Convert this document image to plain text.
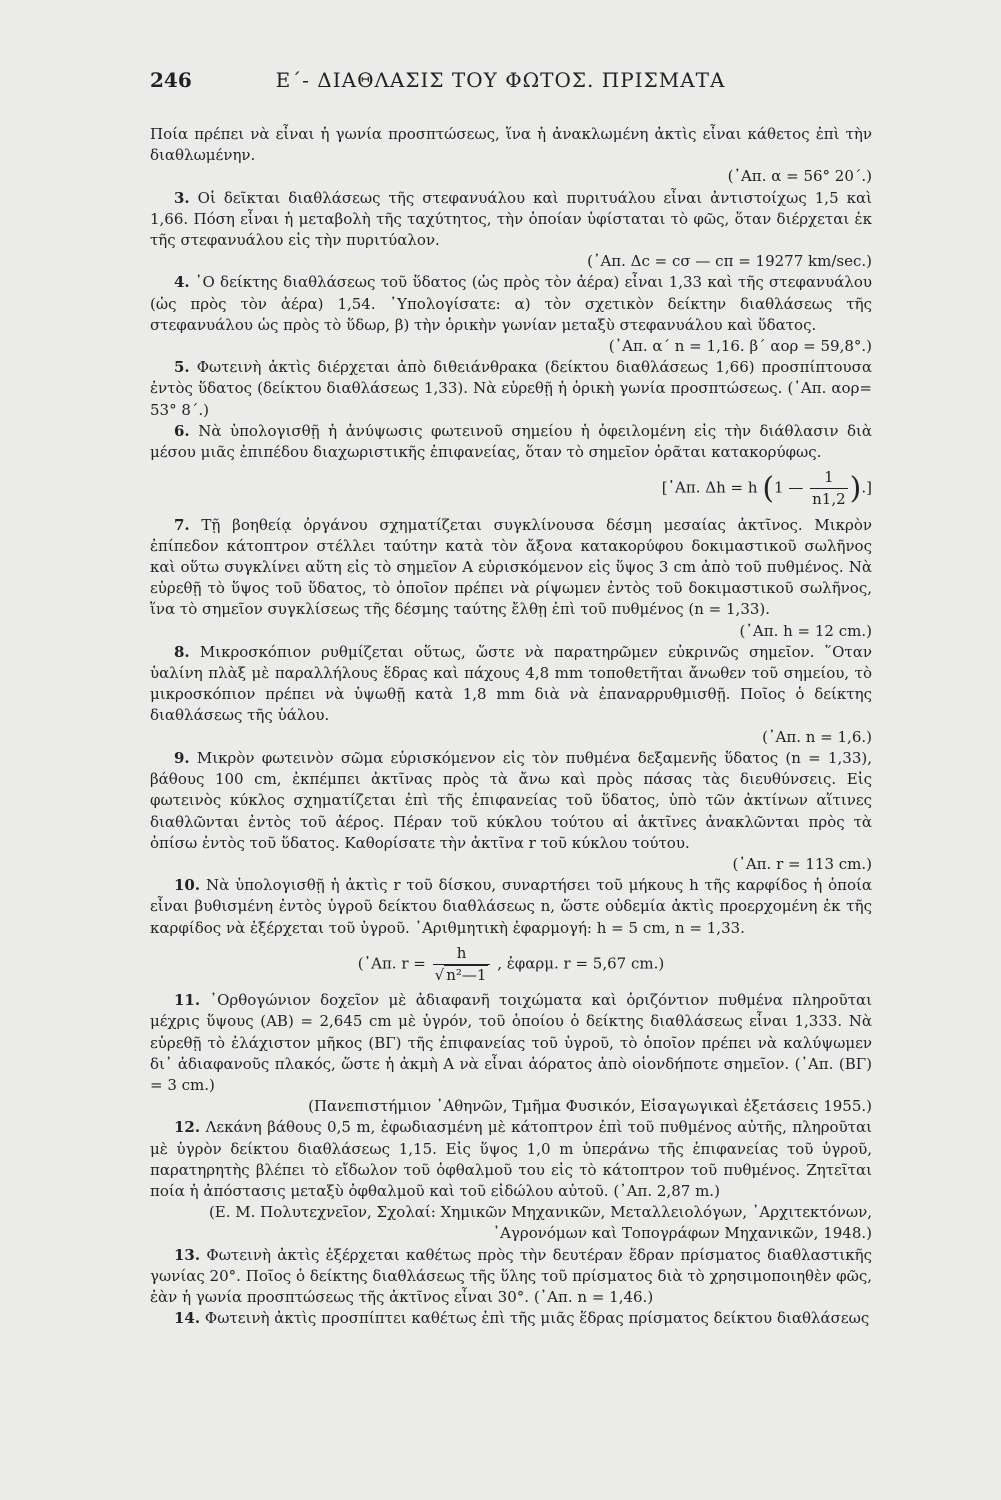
246	Ε΄- ΔΙΑΘΛΑΣΙΣ ΤΟΥ ΦΩΤΟΣ. ΠΡΙΣΜΑΤΑ

Ποία πρέπει νὰ εἶναι ἡ γωνία προσπτώσεως, ἵνα ἡ ἀνακλωμένη ἀκτὶς εἶναι κάθετος ἐπὶ τὴν διαθλωμένην.

(᾿Απ. α = 56° 20΄.)

3. Οἱ δεῖκται διαθλάσεως τῆς στεφανυάλου καὶ πυριτυάλου εἶναι ἀντιστοίχως 1,5 καὶ 1,66. Πόση εἶναι ἡ μεταβολὴ τῆς ταχύτητος, τὴν ὁποίαν ὑφίσταται τὸ φῶς, ὅταν διέρχεται ἐκ τῆς στεφανυάλου εἰς τὴν πυριτύαλον.

(᾿Απ. Δc = cσ — cπ = 19277 km/sec.)

4. ῾Ο δείκτης διαθλάσεως τοῦ ὕδατος (ὡς πρὸς τὸν ἀέρα) εἶναι 1,33 καὶ τῆς στεφανυάλου (ὡς πρὸς τὸν ἀέρα) 1,54. ῾Υπολογίσατε: α) τὸν σχετικὸν δείκτην διαθλάσεως τῆς στεφανυάλου ὡς πρὸς τὸ ὕδωρ, β) τὴν ὁρικὴν γωνίαν μεταξὺ στεφανυάλου καὶ ὕδατος.

(᾿Απ. α΄ n = 1,16. β΄ αορ = 59,8°.)

5. Φωτεινὴ ἀκτὶς διέρχεται ἀπὸ διθειάνθρακα (δείκτου διαθλάσεως 1,66) προσπίπτουσα ἐντὸς ὕδατος (δείκτου διαθλάσεως 1,33). Νὰ εὑρεθῇ ἡ ὁρικὴ γωνία προσπτώσεως. (᾿Απ. αορ= 53° 8΄.)

6. Νὰ ὑπολογισθῇ ἡ ἀνύψωσις φωτεινοῦ σημείου ἡ ὀφειλομένη εἰς τὴν διάθλασιν διὰ μέσου μιᾶς ἐπιπέδου διαχωριστικῆς ἐπιφανείας, ὅταν τὸ σημεῖον ὁρᾶται κατακορύφως.

[᾿Απ. Δh = h (1 — $\frac{1}{n1,2}$ ).]

7. Τῇ βοηθείᾳ ὀργάνου σχηματίζεται συγκλίνουσα δέσμη μεσαίας ἀκτῖνος. Μικρὸν ἐπίπεδον κάτοπτρον στέλλει ταύτην κατὰ τὸν ἄξονα κατακορύφου δοκιμαστικοῦ σωλῆνος καὶ οὕτω συγκλίνει αὕτη εἰς τὸ σημεῖον Α εὑρισκόμενον εἰς ὕψος 3 cm ἀπὸ τοῦ πυθμένος. Νὰ εὑρεθῇ τὸ ὕψος τοῦ ὕδατος, τὸ ὁποῖον πρέπει νὰ ρίψωμεν ἐντὸς τοῦ δοκιμαστικοῦ σωλῆνος, ἵνα τὸ σημεῖον συγκλίσεως τῆς δέσμης ταύτης ἔλθῃ ἐπὶ τοῦ πυθμένος (n = 1,33).

(᾿Απ. h = 12 cm.)

8. Μικροσκόπιον ρυθμίζεται οὕτως, ὥστε νὰ παρατηρῶμεν εὐκρινῶς σημεῖον. ῞Οταν ὑαλίνη πλὰξ μὲ παραλλήλους ἕδρας καὶ πάχους 4,8 mm τοποθετῆται ἄνωθεν τοῦ σημείου, τὸ μικροσκόπιον πρέπει νὰ ὑψωθῇ κατὰ 1,8 mm διὰ νὰ ἐπαναρρυθμισθῇ. Ποῖος ὁ δείκτης διαθλάσεως τῆς ὑάλου.

(᾿Απ. n = 1,6.)

9. Μικρὸν φωτεινὸν σῶμα εὑρισκόμενον εἰς τὸν πυθμένα δεξαμενῆς ὕδατος (n = 1,33), βάθους 100 cm, ἐκπέμπει ἀκτῖνας πρὸς τὰ ἄνω καὶ πρὸς πάσας τὰς διευθύνσεις. Εἰς φωτεινὸς κύκλος σχηματίζεται ἐπὶ τῆς ἐπιφανείας τοῦ ὕδατος, ὑπὸ τῶν ἀκτίνων αἵτινες διαθλῶνται ἐντὸς τοῦ ἀέρος. Πέραν τοῦ κύκλου τούτου αἱ ἀκτῖνες ἀνακλῶνται πρὸς τὰ ὀπίσω ἐντὸς τοῦ ὕδατος. Καθορίσατε τὴν ἀκτῖνα r τοῦ κύκλου τούτου.

(᾿Απ. r = 113 cm.)

10. Νὰ ὑπολογισθῇ ἡ ἀκτὶς r τοῦ δίσκου, συναρτήσει τοῦ μήκους h τῆς καρφίδος ἡ ὁποία εἶναι βυθισμένη ἐντὸς ὑγροῦ δείκτου διαθλάσεως n, ὥστε οὐδεμία ἀκτὶς προερχομένη ἐκ τῆς καρφίδος νὰ ἐξέρχεται τοῦ ὑγροῦ. ᾿Αριθμητικὴ ἐφαρμογή: h = 5 cm, n = 1,33.

(᾿Απ. $r = \frac{h}{\text{√ n²—1}}$ , ἐφαρμ. r = 5,67 cm.)

11. ᾿Ορθογώνιον δοχεῖον μὲ ἀδιαφανῆ τοιχώματα καὶ ὁριζόντιον πυθμένα πληροῦται μέχρις ὕψους (ΑΒ) = 2,645 cm μὲ ὑγρόν, τοῦ ὁποίου ὁ δείκτης διαθλάσεως εἶναι 1,333. Νὰ εὑρεθῇ τὸ ἐλάχιστον μῆκος (ΒΓ) τῆς ἐπιφανείας τοῦ ὑγροῦ, τὸ ὁποῖον πρέπει νὰ καλύψωμεν δι᾿ ἀδιαφανοῦς πλακός, ὥστε ἡ ἀκμὴ Α νὰ εἶναι ἀόρατος ἀπὸ οἱονδήποτε σημεῖον. (᾿Απ. (ΒΓ) = 3 cm.)

(Πανεπιστήμιον ᾿Αθηνῶν, Τμῆμα Φυσικόν, Εἰσαγωγικαὶ ἐξετάσεις 1955.)

12. Λεκάνη βάθους 0,5 m, ἐφωδιασμένη μὲ κάτοπτρον ἐπὶ τοῦ πυθμένος αὐτῆς, πληροῦται μὲ ὑγρὸν δείκτου διαθλάσεως 1,15. Εἰς ὕψος 1,0 m ὑπεράνω τῆς ἐπιφανείας τοῦ ὑγροῦ, παρατηρητὴς βλέπει τὸ εἴδωλον τοῦ ὀφθαλμοῦ του εἰς τὸ κάτοπτρον τοῦ πυθμένος. Ζητεῖται ποία ἡ ἀπόστασις μεταξὺ ὀφθαλμοῦ καὶ τοῦ εἰδώλου αὐτοῦ. (᾿Απ. 2,87 m.)

(Ε. Μ. Πολυτεχνεῖον, Σχολαί: Χημικῶν Μηχανικῶν, Μεταλλειολόγων, ᾿Αρχιτεκτόνων, ᾿Αγρονόμων καὶ Τοπογράφων Μηχανικῶν, 1948.)

13. Φωτεινὴ ἀκτὶς ἐξέρχεται καθέτως πρὸς τὴν δευτέραν ἕδραν πρίσματος διαθλαστικῆς γωνίας 20°. Ποῖος ὁ δείκτης διαθλάσεως τῆς ὕλης τοῦ πρίσματος διὰ τὸ χρησιμοποιηθὲν φῶς, ἐὰν ἡ γωνία προσπτώσεως τῆς ἀκτῖνος εἶναι 30°. (᾿Απ. n = 1,46.)

14. Φωτεινὴ ἀκτὶς προσπίπτει καθέτως ἐπὶ τῆς μιᾶς ἕδρας πρίσματος δείκτου διαθλάσεως
